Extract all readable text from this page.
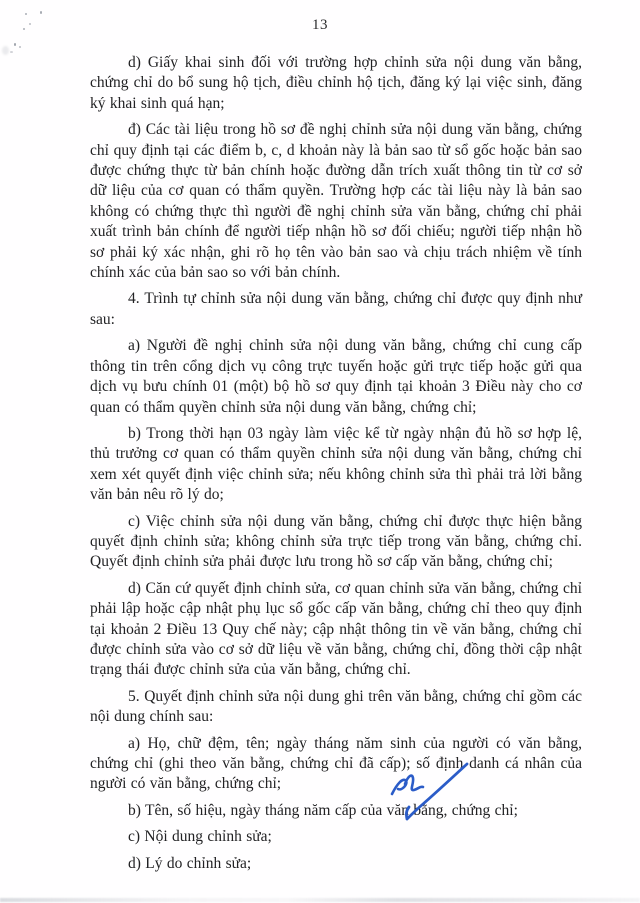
13

d) Giấy khai sinh đối với trường hợp chỉnh sửa nội dung văn bằng, chứng chỉ do bổ sung hộ tịch, điều chỉnh hộ tịch, đăng ký lại việc sinh, đăng ký khai sinh quá hạn;

đ) Các tài liệu trong hồ sơ đề nghị chỉnh sửa nội dung văn bằng, chứng chỉ quy định tại các điểm b, c, d khoản này là bản sao từ sổ gốc hoặc bản sao được chứng thực từ bản chính hoặc đường dẫn trích xuất thông tin từ cơ sở dữ liệu của cơ quan có thẩm quyền. Trường hợp các tài liệu này là bản sao không có chứng thực thì người đề nghị chỉnh sửa văn bằng, chứng chỉ phải xuất trình bản chính để người tiếp nhận hồ sơ đối chiếu; người tiếp nhận hồ sơ phải ký xác nhận, ghi rõ họ tên vào bản sao và chịu trách nhiệm về tính chính xác của bản sao so với bản chính.

4. Trình tự chỉnh sửa nội dung văn bằng, chứng chỉ được quy định như sau:

a) Người đề nghị chỉnh sửa nội dung văn bằng, chứng chỉ cung cấp thông tin trên cổng dịch vụ công trực tuyến hoặc gửi trực tiếp hoặc gửi qua dịch vụ bưu chính 01 (một) bộ hồ sơ quy định tại khoản 3 Điều này cho cơ quan có thẩm quyền chỉnh sửa nội dung văn bằng, chứng chỉ;

b) Trong thời hạn 03 ngày làm việc kể từ ngày nhận đủ hồ sơ hợp lệ, thủ trưởng cơ quan có thẩm quyền chỉnh sửa nội dung văn bằng, chứng chỉ xem xét quyết định việc chỉnh sửa; nếu không chỉnh sửa thì phải trả lời bằng văn bản nêu rõ lý do;

c) Việc chỉnh sửa nội dung văn bằng, chứng chỉ được thực hiện bằng quyết định chỉnh sửa; không chỉnh sửa trực tiếp trong văn bằng, chứng chỉ. Quyết định chỉnh sửa phải được lưu trong hồ sơ cấp văn bằng, chứng chỉ;

d) Căn cứ quyết định chỉnh sửa, cơ quan chỉnh sửa văn bằng, chứng chỉ phải lập hoặc cập nhật phụ lục sổ gốc cấp văn bằng, chứng chỉ theo quy định tại khoản 2 Điều 13 Quy chế này; cập nhật thông tin về văn bằng, chứng chỉ được chỉnh sửa vào cơ sở dữ liệu về văn bằng, chứng chỉ, đồng thời cập nhật trạng thái được chỉnh sửa của văn bằng, chứng chỉ.

5. Quyết định chỉnh sửa nội dung ghi trên văn bằng, chứng chỉ gồm các nội dung chính sau:

a) Họ, chữ đệm, tên; ngày tháng năm sinh của người có văn bằng, chứng chỉ (ghi theo văn bằng, chứng chỉ đã cấp); số định danh cá nhân của người có văn bằng, chứng chỉ;

b) Tên, số hiệu, ngày tháng năm cấp của văn bằng, chứng chỉ;

c) Nội dung chỉnh sửa;

d) Lý do chỉnh sửa;
